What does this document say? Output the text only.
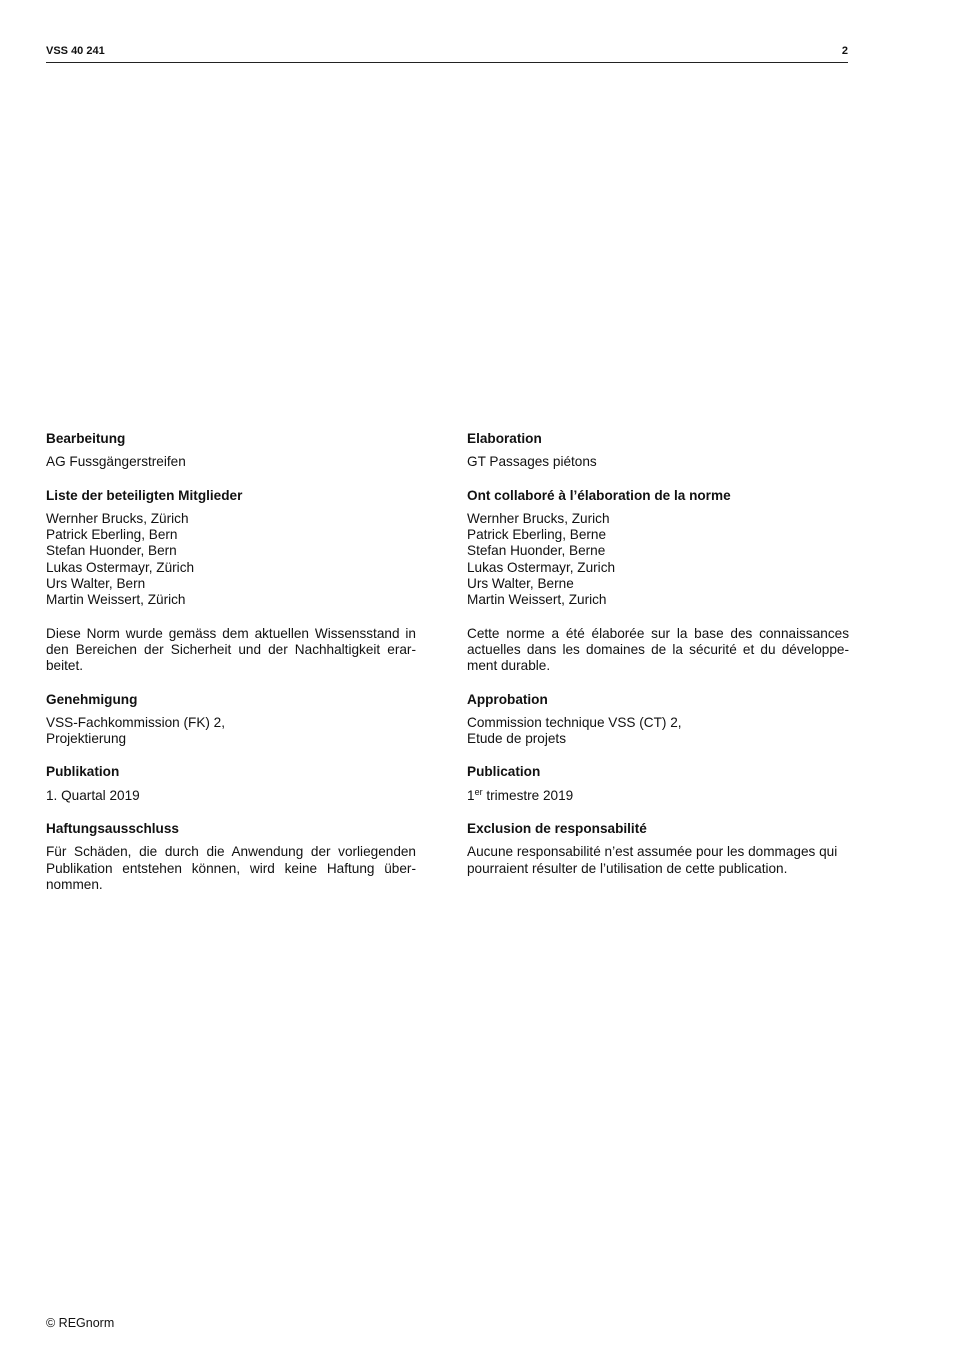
VSS 40 241	2
Bearbeitung
AG Fussgängerstreifen
Liste der beteiligten Mitglieder
Wernher Brucks, Zürich
Patrick Eberling, Bern
Stefan Huonder, Bern
Lukas Ostermayr, Zürich
Urs Walter, Bern
Martin Weissert, Zürich
Diese Norm wurde gemäss dem aktuellen Wissensstand in den Bereichen der Sicherheit und der Nachhaltigkeit erarbeitet.
Genehmigung
VSS-Fachkommission (FK) 2,
Projektierung
Publikation
1. Quartal 2019
Haftungsausschluss
Für Schäden, die durch die Anwendung der vorliegenden Publikation entstehen können, wird keine Haftung übernommen.
Elaboration
GT Passages piétons
Ont collaboré à l’élaboration de la norme
Wernher Brucks, Zurich
Patrick Eberling, Berne
Stefan Huonder, Berne
Lukas Ostermayr, Zurich
Urs Walter, Berne
Martin Weissert, Zurich
Cette norme a été élaborée sur la base des connaissances actuelles dans les domaines de la sécurité et du développement durable.
Approbation
Commission technique VSS (CT) 2,
Etude de projets
Publication
1er trimestre 2019
Exclusion de responsabilité
Aucune responsabilité n’est assumée pour les dommages qui pourraient résulter de l’utilisation de cette publication.
© REGnorm
